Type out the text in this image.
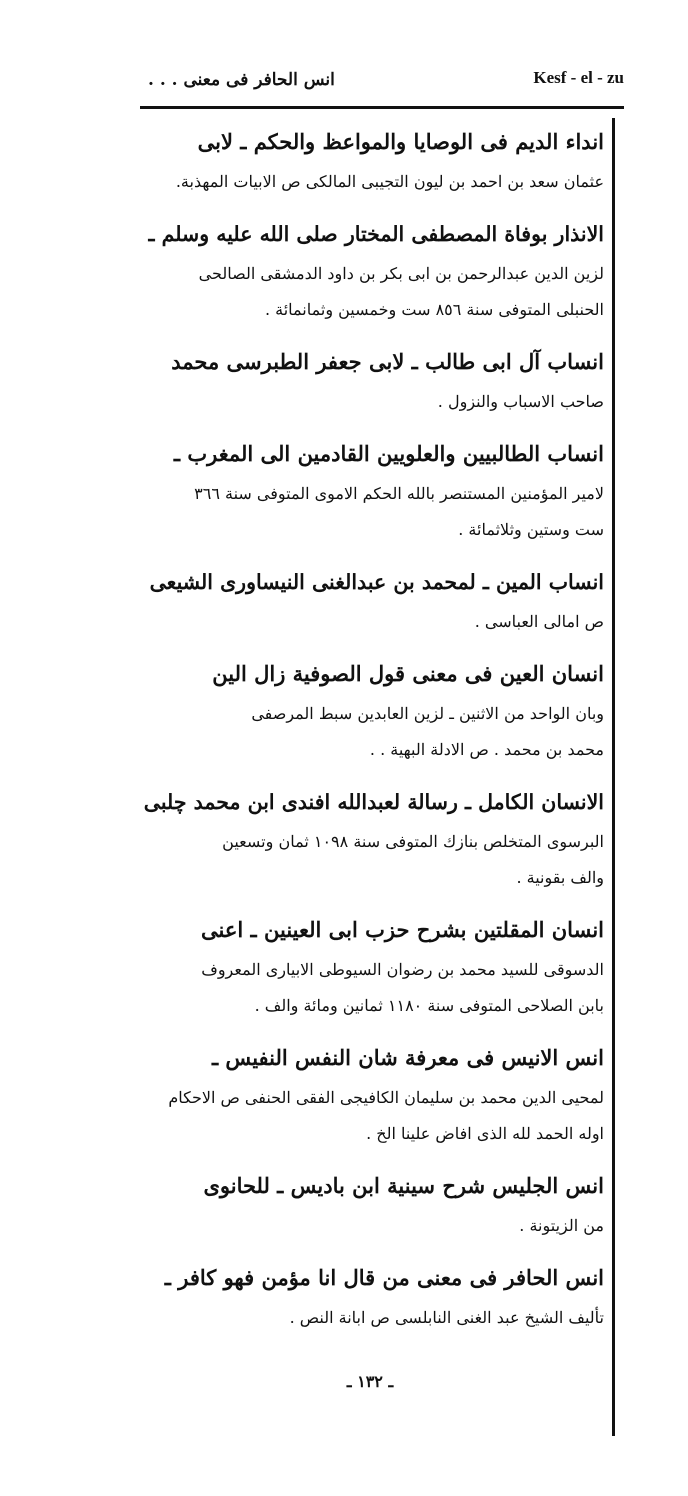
انس الحافر فى معنى . . .	Kesf - el - zu
انداء الديم فى الوصايا والمواعظ والحكم ـ لابى
عثمان سعد بن احمد بن ليون التجيبى المالكى ص الابيات المهذبة.
الانذار بوفاة المصطفى المختار صلى الله عليه وسلم ـ
لزين الدين عبدالرحمن بن ابى بكر بن داود الدمشقى الصالحى
الحنبلى المتوفى سنة ٨٥٦ ست وخمسين وثمانمائة .
انساب آل ابى طالب ـ لابى جعفر الطبرسى محمد
صاحب الاسباب والنزول .
انساب الطالبيين والعلويين القادمين الى المغرب ـ
لامير المؤمنين المستنصر بالله الحكم الاموى المتوفى سنة ٣٦٦
ست وستين وثلاثمائة .
انساب المين ـ لمحمد بن عبدالغنى النيساورى الشيعى
ص امالى العباسى .
انسان العين فى معنى قول الصوفية زال الين
وبان الواحد من الاثنين ـ لزين العابدين سبط المرصفى
محمد بن محمد . ص الادلة البهية . .
الانسان الكامل ـ رسالة لعبدالله افندى ابن محمد چلبى
البرسوى المتخلص بنازك المتوفى سنة ١٠٩٨ ثمان وتسعين
والف بقونية .
انسان المقلتين بشرح حزب ابى العينين ـ اعنى
الدسوقى للسيد محمد بن رضوان السيوطى الابيارى المعروف
بابن الصلاحى المتوفى سنة ١١٨٠ ثمانين ومائة والف .
انس الانيس فى معرفة شان النفس النفيس ـ
لمحيى الدين محمد بن سليمان الكافيجى الفقى الحنفى ص الاحكام
اوله الحمد لله الذى افاض علينا الخ .
انس الجليس شرح سينية ابن باديس ـ للحانوى
من الزيتونة .
انس الحافر فى معنى من قال انا مؤمن فهو كافر ـ
تأليف الشيخ عبد الغنى النابلسى ص ابانة النص .
ـ ١٣٢ ـ
